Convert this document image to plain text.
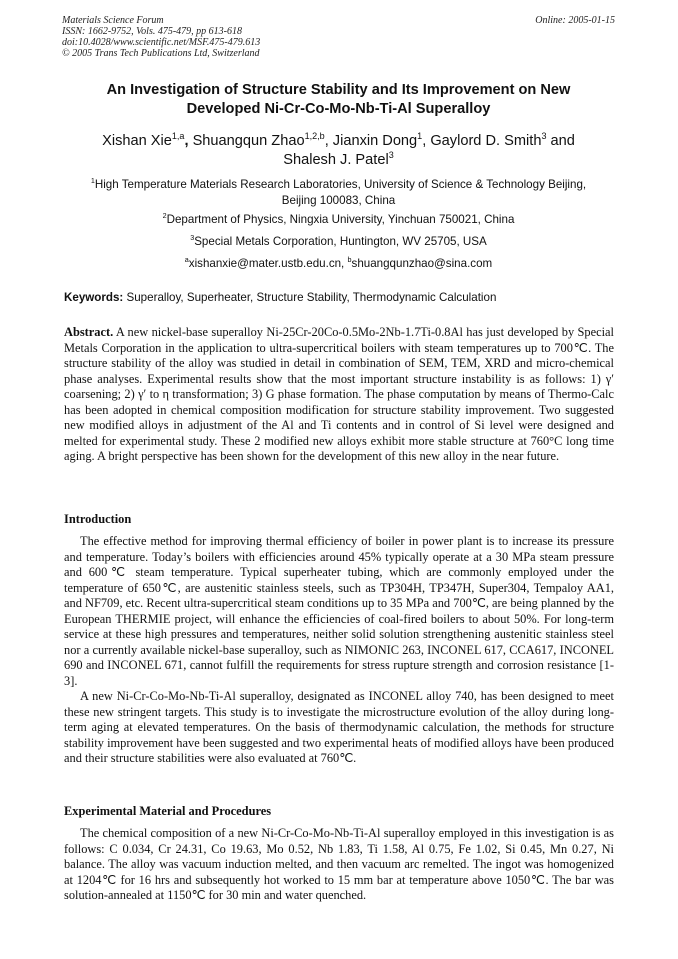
Materials Science Forum
ISSN: 1662-9752, Vols. 475-479, pp 613-618
doi:10.4028/www.scientific.net/MSF.475-479.613
© 2005 Trans Tech Publications Ltd, Switzerland
Online: 2005-01-15
An Investigation of Structure Stability and Its Improvement on New
Developed Ni-Cr-Co-Mo-Nb-Ti-Al Superalloy
Xishan Xie$^{1,a}$, Shuangqun Zhao$^{1,2,b}$, Jianxin Dong$^1$, Gaylord D. Smith$^3$ and
Shalesh J. Patel$^3$
$^1$High Temperature Materials Research Laboratories, University of Science & Technology Beijing,
Beijing 100083, China
$^2$Department of Physics, Ningxia University, Yinchuan 750021, China
$^3$Special Metals Corporation, Huntington, WV 25705, USA
$^a$xishanxie@mater.ustb.edu.cn, $^b$shuangqunzhao@sina.com
Keywords: Superalloy, Superheater, Structure Stability, Thermodynamic Calculation

Abstract. A new nickel-base superalloy Ni-25Cr-20Co-0.5Mo-2Nb-1.7Ti-0.8Al has just developed by Special Metals Corporation in the application to ultra-supercritical boilers with steam temperatures up to 700℃. The structure stability of the alloy was studied in detail in combination of SEM, TEM, XRD and micro-chemical phase analyses. Experimental results show that the most important structure instability is as follows: 1) γ′ coarsening; 2) γ′ to η transformation; 3) G phase formation. The phase computation by means of Thermo-Calc has been adopted in chemical composition modification for structure stability improvement. Two suggested new modified alloys in adjustment of the Al and Ti contents and in control of Si level were designed and melted for experimental study. These 2 modified new alloys exhibit more stable structure at 760°C long time aging. A bright perspective has been shown for the development of this new alloy in the near future.

Introduction

The effective method for improving thermal efficiency of boiler in power plant is to increase its pressure and temperature. Today’s boilers with efficiencies around 45% typically operate at a 30 MPa steam pressure and 600℃ steam temperature. Typical superheater tubing, which are commonly employed under the temperature of 650℃, are austenitic stainless steels, such as TP304H, TP347H, Super304, Tempaloy AA1, and NF709, etc. Recent ultra-supercritical steam conditions up to 35 MPa and 700℃, are being planned by the European THERMIE project, will enhance the efficiencies of coal-fired boilers to about 50%. For long-term service at these high pressures and temperatures, neither solid solution strengthening austenitic stainless steel nor a currently available nickel-base superalloy, such as NIMONIC 263, INCONEL 617, CCA617, INCONEL 690 and INCONEL 671, cannot fulfill the requirements for stress rupture strength and corrosion resistance [1-3].

A new Ni-Cr-Co-Mo-Nb-Ti-Al superalloy, designated as INCONEL alloy 740, has been designed to meet these new stringent targets. This study is to investigate the microstructure evolution of the alloy during long-term aging at elevated temperatures. On the basis of thermodynamic calculation, the methods for structure stability improvement have been suggested and two experimental heats of modified alloys have been produced and their structure stabilities were also evaluated at 760℃.

Experimental Material and Procedures

The chemical composition of a new Ni-Cr-Co-Mo-Nb-Ti-Al superalloy employed in this investigation is as follows: C 0.034, Cr 24.31, Co 19.63, Mo 0.52, Nb 1.83, Ti 1.58, Al 0.75, Fe 1.02, Si 0.45, Mn 0.27, Ni balance. The alloy was vacuum induction melted, and then vacuum arc remelted. The ingot was homogenized at 1204℃ for 16 hrs and subsequently hot worked to 15 mm bar at temperature above 1050℃. The bar was solution-annealed at 1150℃ for 30 min and water quenched.
